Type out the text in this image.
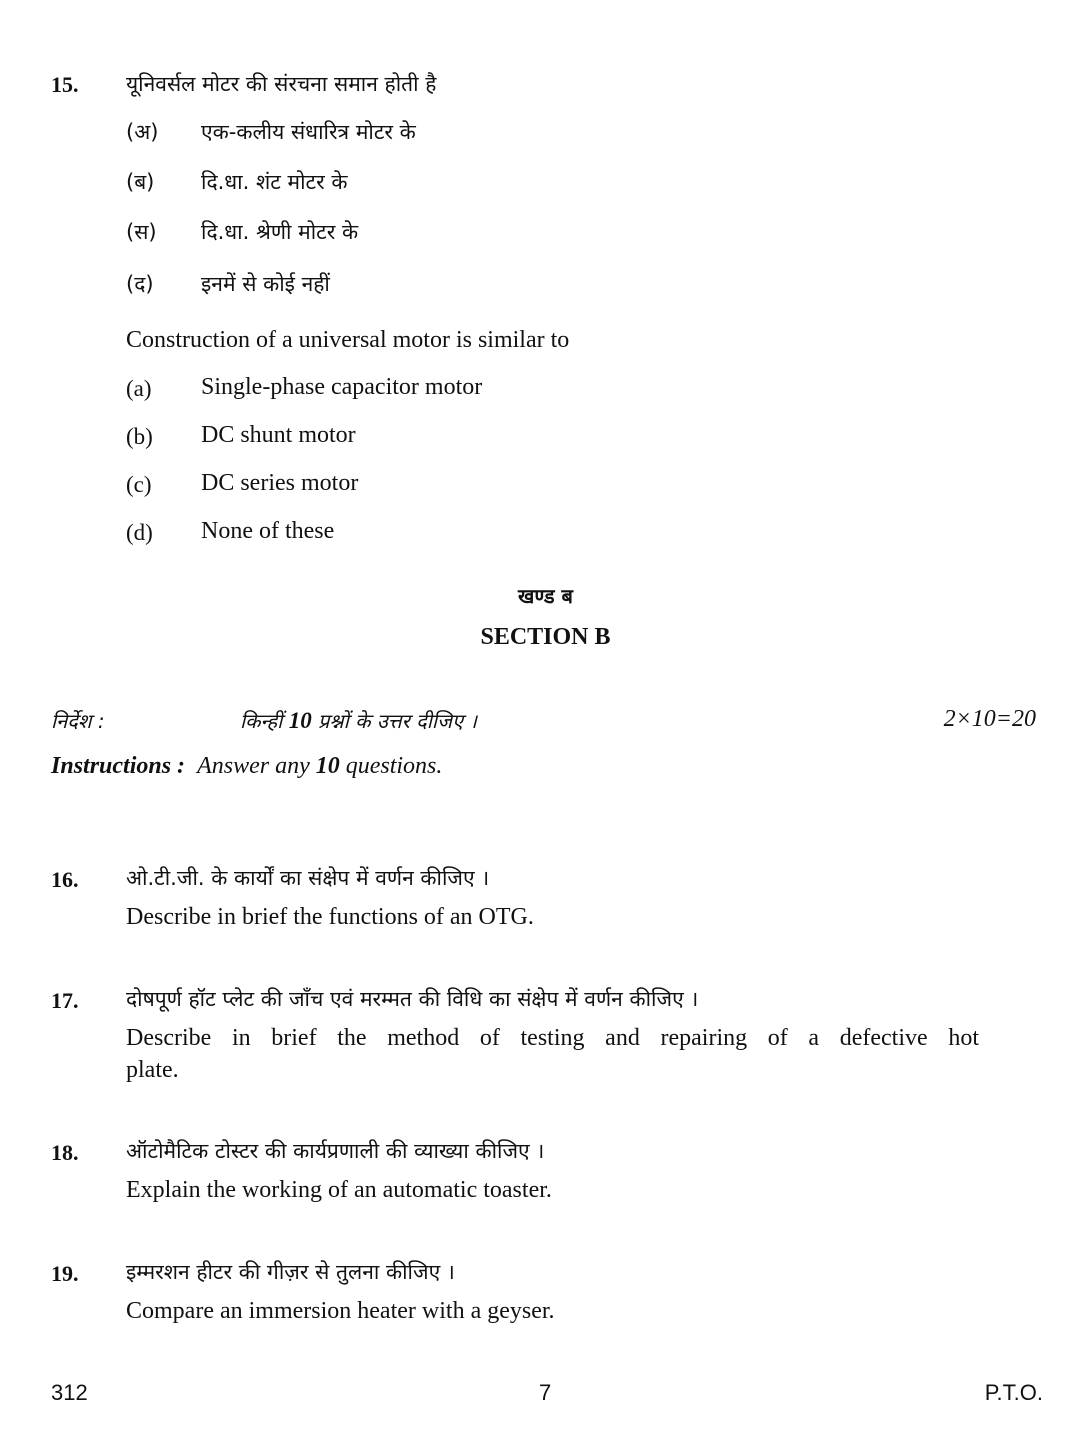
15. यूनिवर्सल मोटर की संरचना समान होती है
(अ) एक-कलीय संधारित्र मोटर के
(ब) दि.धा. शंट मोटर के
(स) दि.धा. श्रेणी मोटर के
(द) इनमें से कोई नहीं
Construction of a universal motor is similar to
(a) Single-phase capacitor motor
(b) DC shunt motor
(c) DC series motor
(d) None of these
खण्ड ब
SECTION B
निर्देश :	किन्हीं 10 प्रश्नों के उत्तर दीजिए ।	2×10=20
Instructions : Answer any 10 questions.
16. ओ.टी.जी. के कार्यों का संक्षेप में वर्णन कीजिए ।
Describe in brief the functions of an OTG.
17. दोषपूर्ण हॉट प्लेट की जाँच एवं मरम्मत की विधि का संक्षेप में वर्णन कीजिए ।
Describe in brief the method of testing and repairing of a defective hot
plate.
18. ऑटोमैटिक टोस्टर की कार्यप्रणाली की व्याख्या कीजिए ।
Explain the working of an automatic toaster.
19. इम्मरशन हीटर की गीज़र से तुलना कीजिए ।
Compare an immersion heater with a geyser.
312	7	P.T.O.
